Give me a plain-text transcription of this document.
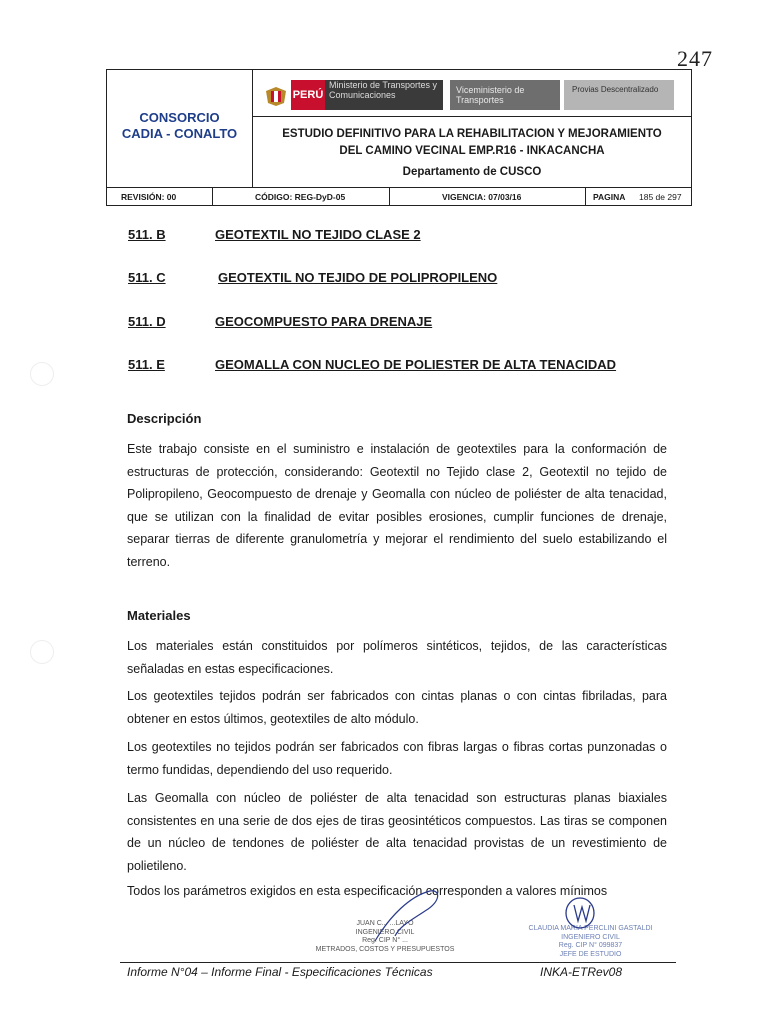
247
CONSORCIO
CADIA - CONALTO
PERÚ
Ministerio de Transportes y Comunicaciones	Viceministerio de Transportes
Provias Descentralizado
ESTUDIO DEFINITIVO PARA LA REHABILITACION Y MEJORAMIENTO
DEL CAMINO VECINAL EMP.R16 - INKACANCHA
Departamento de CUSCO
REVISIÓN: 00	CÓDIGO: REG-DyD-05	VIGENCIA: 07/03/16	PAGINA 185 de 297
511. B	GEOTEXTIL NO TEJIDO CLASE 2
511. C	GEOTEXTIL NO TEJIDO DE POLIPROPILENO
511. D	GEOCOMPUESTO PARA DRENAJE
511. E	GEOMALLA CON NUCLEO DE POLIESTER DE ALTA TENACIDAD
Descripción
Este trabajo consiste en el suministro e instalación de geotextiles para la conformación de estructuras de protección, considerando: Geotextil no Tejido clase 2, Geotextil no tejido de Polipropileno, Geocompuesto de drenaje y Geomalla con núcleo de poliéster de alta tenacidad, que se utilizan con la finalidad de evitar posibles erosiones, cumplir funciones de drenaje, separar tierras de diferente granulometría y mejorar el rendimiento del suelo estabilizando el terreno.
Materiales
Los materiales están constituidos por polímeros sintéticos, tejidos, de las características señaladas en estas especificaciones.
Los geotextiles tejidos podrán ser fabricados con cintas planas o con cintas fibriladas, para obtener en estos últimos, geotextiles de alto módulo.
Los geotextiles no tejidos podrán ser fabricados con fibras largas o fibras cortas punzonadas o termo fundidas, dependiendo del uso requerido.
Las Geomalla con núcleo de poliéster de alta tenacidad son estructuras planas biaxiales consistentes en una serie de dos ejes de tiras geosintéticos compuestos. Las tiras se componen de un núcleo de tendones de poliéster de alta tenacidad provistas de un revestimiento de polietileno.
Todos los parámetros exigidos en esta especificación corresponden a valores mínimos
JUAN C... ...LAYO
INGENIERO CIVIL
Reg. CIP N° ...
METRADOS, COSTOS Y PRESUPUESTOS
CLAUDIA MARIA PERCLINI GASTALDI
INGENIERO CIVIL
Reg. CIP N° 099837
JEFE DE ESTUDIO
Informe N°04 – Informe Final - Especificaciones Técnicas	INKA-ETRev08
